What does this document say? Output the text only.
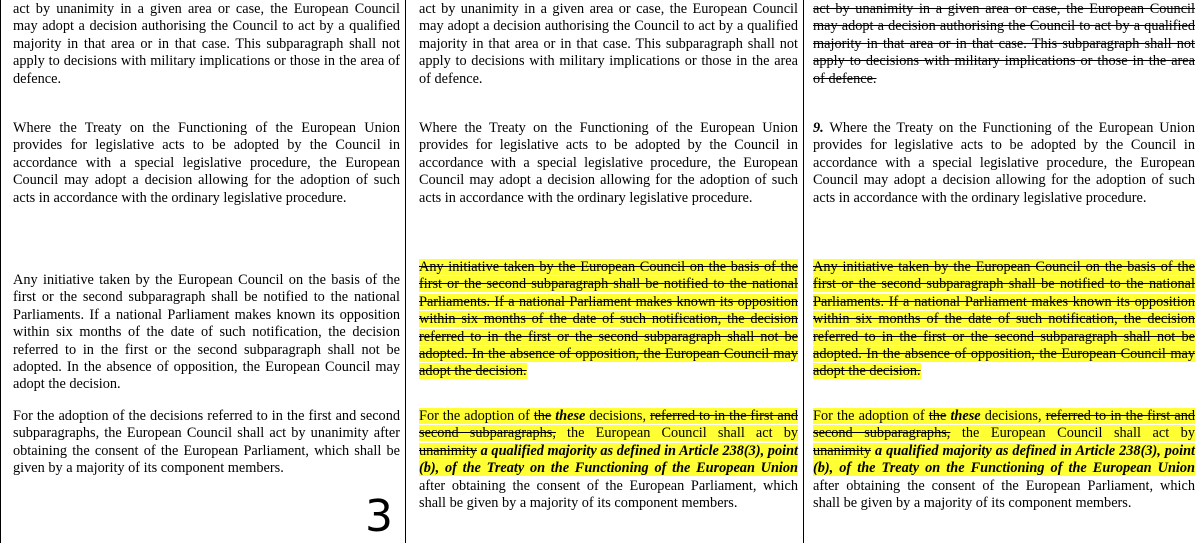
act by unanimity in a given area or case, the European Council may adopt a decision authorising the Council to act by a qualified majority in that area or in that case. This subparagraph shall not apply to decisions with military implications or those in the area of defence.

act by unanimity in a given area or case, the European Council may adopt a decision authorising the Council to act by a qualified majority in that area or in that case. This subparagraph shall not apply to decisions with military implications or those in the area of defence.

act by unanimity in a given area or case, the European Council may adopt a decision authorising the Council to act by a qualified majority in that area or in that case. This subparagraph shall not apply to decisions with military implications or those in the area of defence.

Where the Treaty on the Functioning of the European Union provides for legislative acts to be adopted by the Council in accordance with a special legislative procedure, the European Council may adopt a decision allowing for the adoption of such acts in accordance with the ordinary legislative procedure.

Where the Treaty on the Functioning of the European Union provides for legislative acts to be adopted by the Council in accordance with a special legislative procedure, the European Council may adopt a decision allowing for the adoption of such acts in accordance with the ordinary legislative procedure.

9. Where the Treaty on the Functioning of the European Union provides for legislative acts to be adopted by the Council in accordance with a special legislative procedure, the European Council may adopt a decision allowing for the adoption of such acts in accordance with the ordinary legislative procedure.

Any initiative taken by the European Council on the basis of the first or the second subparagraph shall be notified to the national Parliaments. If a national Parliament makes known its opposition within six months of the date of such notification, the decision referred to in the first or the second subparagraph shall not be adopted. In the absence of opposition, the European Council may adopt the decision.

Any initiative taken by the European Council on the basis of the first or the second subparagraph shall be notified to the national Parliaments. If a national Parliament makes known its opposition within six months of the date of such notification, the decision referred to in the first or the second subparagraph shall not be adopted. In the absence of opposition, the European Council may adopt the decision.

Any initiative taken by the European Council on the basis of the first or the second subparagraph shall be notified to the national Parliaments. If a national Parliament makes known its opposition within six months of the date of such notification, the decision referred to in the first or the second subparagraph shall not be adopted. In the absence of opposition, the European Council may adopt the decision.

For the adoption of the decisions referred to in the first and second subparagraphs, the European Council shall act by unanimity after obtaining the consent of the European Parliament, which shall be given by a majority of its component members.

3

For the adoption of the these decisions, referred to in the first and second subparagraphs, the European Council shall act by unanimity a qualified majority as defined in Article 238(3), point (b), of the Treaty on the Functioning of the European Union after obtaining the consent of the European Parliament, which shall be given by a majority of its component members.

For the adoption of the these decisions, referred to in the first and second subparagraphs, the European Council shall act by unanimity a qualified majority as defined in Article 238(3), point (b), of the Treaty on the Functioning of the European Union after obtaining the consent of the European Parliament, which shall be given by a majority of its component members.
